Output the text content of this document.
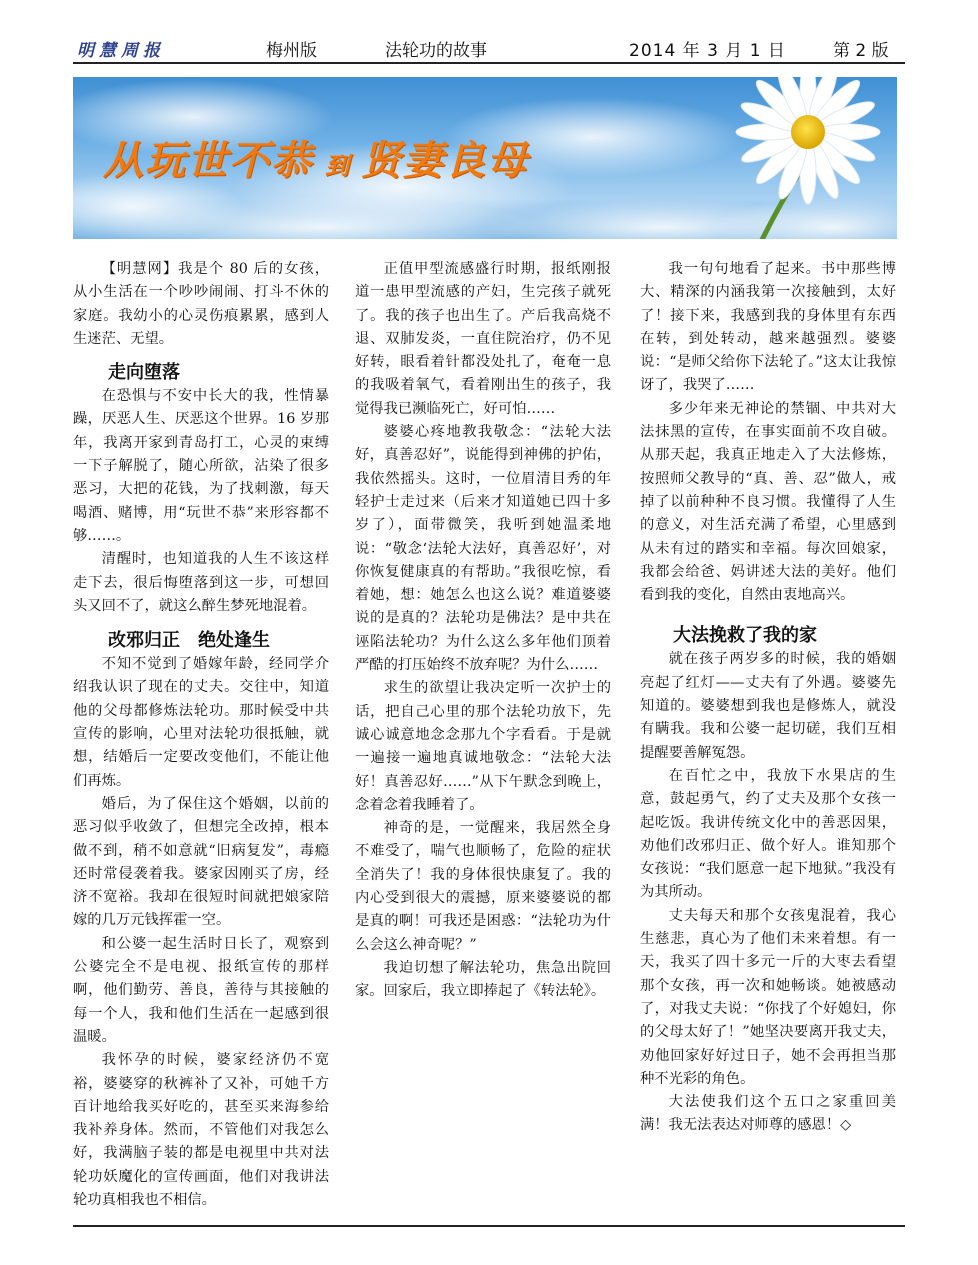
明慧周报	梅州版	法轮功的故事	2014 年 3 月 1 日	第 2 版
从玩世不恭 到 贤妻良母

【明慧网】我是个 80 后的女孩，从小生活在一个吵吵闹闹、打斗不休的家庭。我幼小的心灵伤痕累累，感到人生迷茫、无望。

走向堕落

在恐惧与不安中长大的我，性情暴躁，厌恶人生、厌恶这个世界。16 岁那年，我离开家到青岛打工，心灵的束缚一下子解脱了，随心所欲，沾染了很多恶习，大把的花钱，为了找刺激，每天喝酒、赌博，用“玩世不恭”来形容都不够……。

清醒时，也知道我的人生不该这样走下去，很后悔堕落到这一步，可想回头又回不了，就这么醉生梦死地混着。

改邪归正　绝处逢生

不知不觉到了婚嫁年龄，经同学介绍我认识了现在的丈夫。交往中，知道他的父母都修炼法轮功。那时候受中共宣传的影响，心里对法轮功很抵触，就想，结婚后一定要改变他们，不能让他们再炼。

婚后，为了保住这个婚姻，以前的恶习似乎收敛了，但想完全改掉，根本做不到，稍不如意就“旧病复发”，毒瘾还时常侵袭着我。婆家因刚买了房，经济不宽裕。我却在很短时间就把娘家陪嫁的几万元钱挥霍一空。

和公婆一起生活时日长了，观察到公婆完全不是电视、报纸宣传的那样啊，他们勤劳、善良，善待与其接触的每一个人，我和他们生活在一起感到很温暖。

我怀孕的时候，婆家经济仍不宽裕，婆婆穿的秋裤补了又补，可她千方百计地给我买好吃的，甚至买来海参给我补养身体。然而，不管他们对我怎么好，我满脑子装的都是电视里中共对法轮功妖魔化的宣传画面，他们对我讲法轮功真相我也不相信。

正值甲型流感盛行时期，报纸刚报道一患甲型流感的产妇，生完孩子就死了。我的孩子也出生了。产后我高烧不退、双肺发炎，一直住院治疗，仍不见好转，眼看着针都没处扎了，奄奄一息的我吸着氧气，看着刚出生的孩子，我觉得我已濒临死亡，好可怕……

婆婆心疼地教我敬念：“法轮大法好，真善忍好”，说能得到神佛的护佑，我依然摇头。这时，一位眉清目秀的年轻护士走过来（后来才知道她已四十多岁了），面带微笑，我听到她温柔地说：“敬念‘法轮大法好，真善忍好’，对你恢复健康真的有帮助。”我很吃惊，看着她，想：她怎么也这么说？难道婆婆说的是真的？法轮功是佛法？是中共在诬陷法轮功？为什么这么多年他们顶着严酷的打压始终不放弃呢？为什么……

求生的欲望让我决定听一次护士的话，把自己心里的那个法轮功放下，先诚心诚意地念念那九个字看看。于是就一遍接一遍地真诚地敬念：“法轮大法好！真善忍好……”从下午默念到晚上，念着念着我睡着了。

神奇的是，一觉醒来，我居然全身不难受了，喘气也顺畅了，危险的症状全消失了！我的身体很快康复了。我的内心受到很大的震撼，原来婆婆说的都是真的啊！可我还是困惑：“法轮功为什么会这么神奇呢？”

我迫切想了解法轮功，焦急出院回家。回家后，我立即捧起了《转法轮》。

我一句句地看了起来。书中那些博大、精深的内涵我第一次接触到，太好了！接下来，我感到我的身体里有东西在转，到处转动，越来越强烈。婆婆说：“是师父给你下法轮了。”这太让我惊讶了，我哭了……

多少年来无神论的禁锢、中共对大法抹黑的宣传，在事实面前不攻自破。从那天起，我真正地走入了大法修炼，按照师父教导的“真、善、忍”做人，戒掉了以前种种不良习惯。我懂得了人生的意义，对生活充满了希望，心里感到从未有过的踏实和幸福。每次回娘家，我都会给爸、妈讲述大法的美好。他们看到我的变化，自然由衷地高兴。

大法挽救了我的家

就在孩子两岁多的时候，我的婚姻亮起了红灯——丈夫有了外遇。婆婆先知道的。婆婆想到我也是修炼人，就没有瞒我。我和公婆一起切磋，我们互相提醒要善解冤怨。

在百忙之中，我放下水果店的生意，鼓起勇气，约了丈夫及那个女孩一起吃饭。我讲传统文化中的善恶因果，劝他们改邪归正、做个好人。谁知那个女孩说：“我们愿意一起下地狱。”我没有为其所动。

丈夫每天和那个女孩鬼混着，我心生慈悲，真心为了他们未来着想。有一天，我买了四十多元一斤的大枣去看望那个女孩，再一次和她畅谈。她被感动了，对我丈夫说：“你找了个好媳妇，你的父母太好了！”她坚决要离开我丈夫，劝他回家好好过日子，她不会再担当那种不光彩的角色。

大法使我们这个五口之家重回美满！我无法表达对师尊的感恩！◇
